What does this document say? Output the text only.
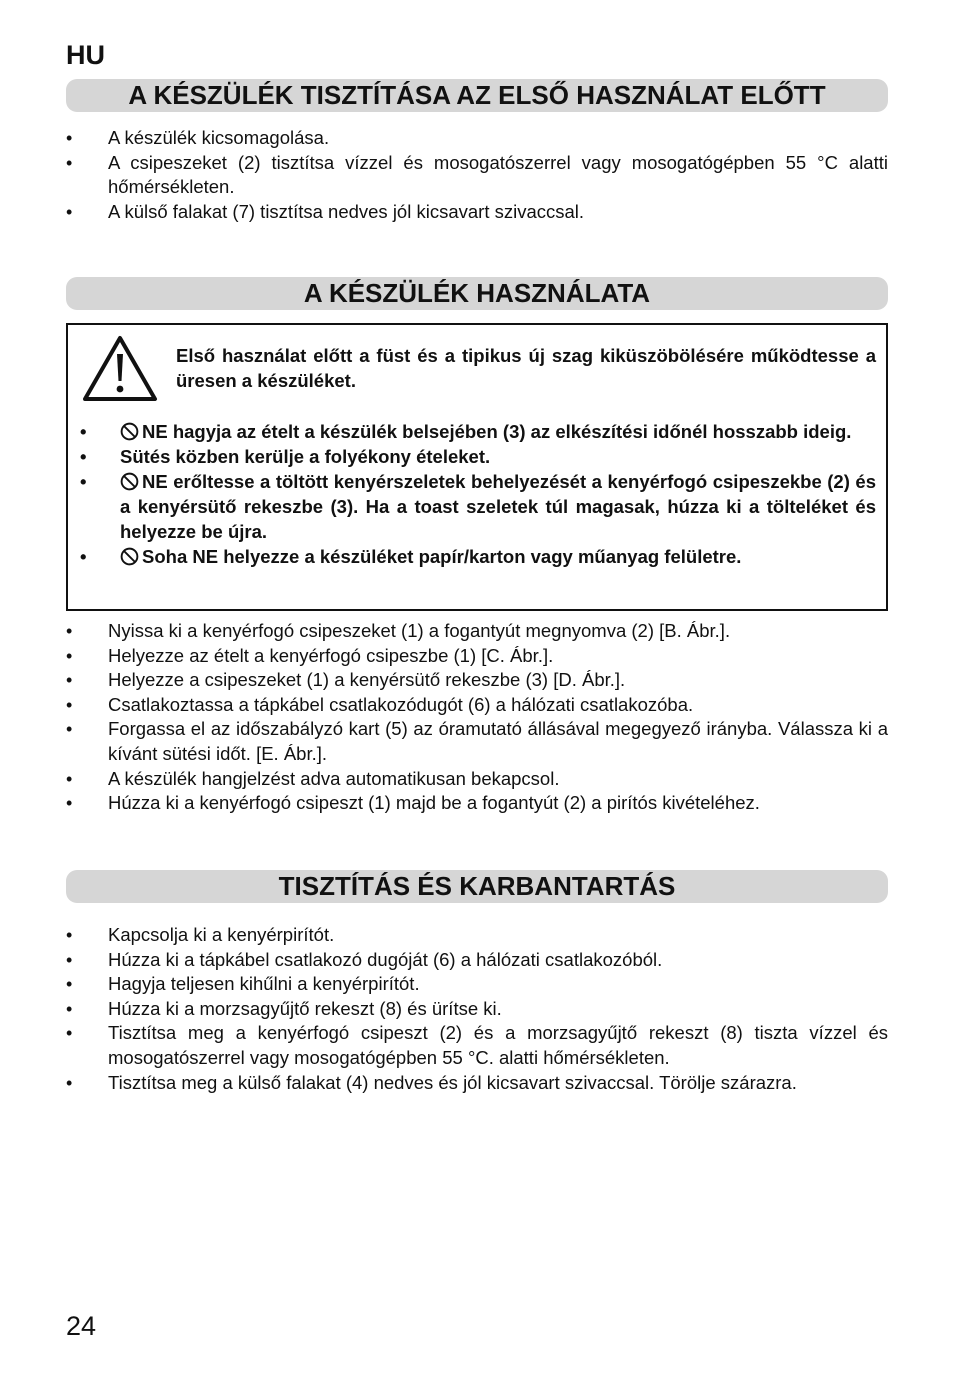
HU
A KÉSZÜLÉK TISZTÍTÁSA AZ ELSŐ HASZNÁLAT ELŐTT
• A készülék kicsomagolása.
• A csipeszeket (2) tisztítsa vízzel és mosogatószerrel vagy mosogatógépben 55 °C alatti hőmérsékleten.
• A külső falakat (7) tisztítsa nedves jól kicsavart szivaccsal.
A KÉSZÜLÉK HASZNÁLATA
Első használat előtt a füst és a tipikus új szag kiküszöbölésére működtesse a üresen a készüléket.
• NE hagyja az ételt a készülék belsejében (3) az elkészítési időnél hosszabb ideig.
• Sütés közben kerülje a folyékony ételeket.
• NE erőltesse a töltött kenyérszeletek behelyezését a kenyérfogó csipeszekbe (2) és a kenyérsütő rekeszbe (3). Ha a toast szeletek túl magasak, húzza ki a tölteléket és helyezze be újra.
• Soha NE helyezze a készüléket papír/karton vagy műanyag felületre.
• Nyissa ki a kenyérfogó csipeszeket (1) a fogantyút megnyomva (2) [B. Ábr.].
• Helyezze az ételt a kenyérfogó csipeszbe (1) [C. Ábr.].
• Helyezze a csipeszeket (1) a kenyérsütő rekeszbe (3) [D. Ábr.].
• Csatlakoztassa a tápkábel csatlakozódugót (6) a hálózati csatlakozóba.
• Forgassa el az időszabályzó kart (5) az óramutató állásával megegyező irányba. Válassza ki a kívánt sütési időt. [E. Ábr.].
• A készülék hangjelzést adva automatikusan bekapcsol.
• Húzza ki a kenyérfogó csipeszt (1) majd be a fogantyút (2) a pirítós kivételéhez.
TISZTÍTÁS ÉS KARBANTARTÁS
• Kapcsolja ki a kenyérpirítót.
• Húzza ki a tápkábel csatlakozó dugóját (6) a hálózati csatlakozóból.
• Hagyja teljesen kihűlni a kenyérpirítót.
• Húzza ki a morzsagyűjtő rekeszt (8) és ürítse ki.
• Tisztítsa meg a kenyérfogó csipeszt (2) és a morzsagyűjtő rekeszt (8) tiszta vízzel és mosogatószerrel vagy mosogatógépben 55 °C. alatti hőmérsékleten.
• Tisztítsa meg a külső falakat (4) nedves és jól kicsavart szivaccsal. Törölje szárazra.
24
